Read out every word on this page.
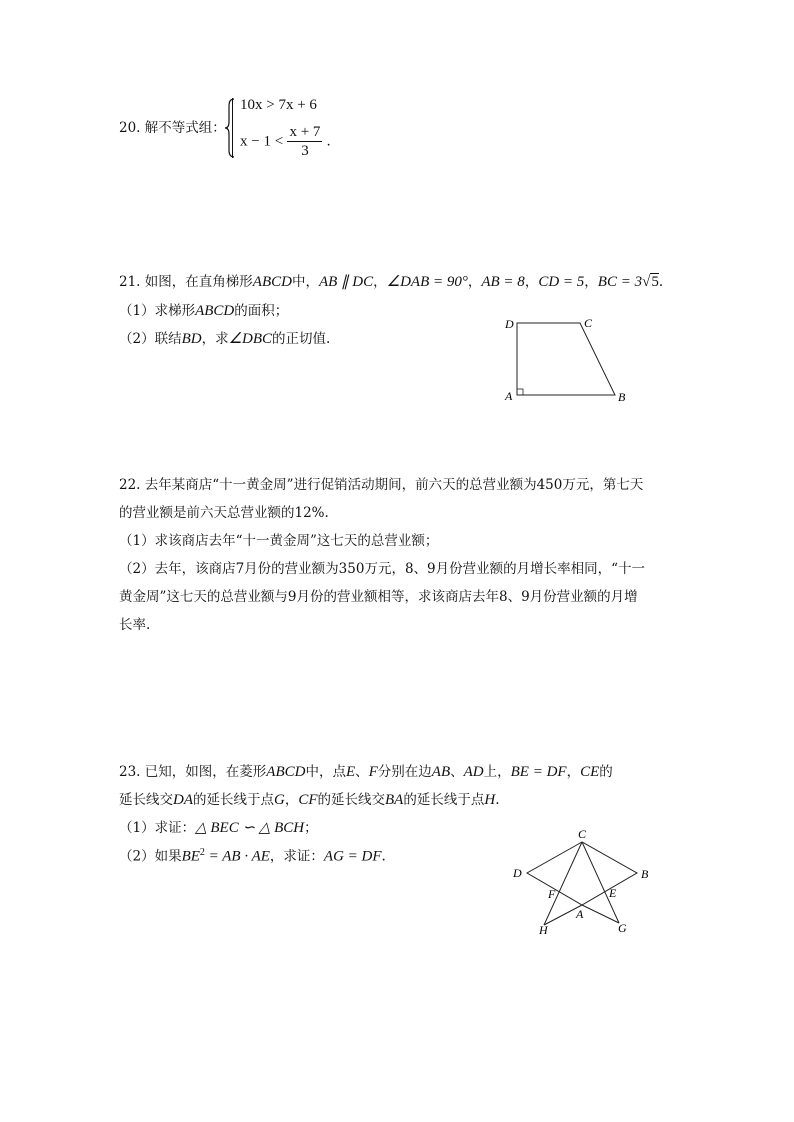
20. 解不等式组：
10x > 7x + 6
$x - 1 < \frac{x + 7}{3}$ .
21. 如图，在直角梯形ABCD中，AB ∥ DC，∠DAB = 90°，AB = 8，CD = 5，BC = 3√5.
（1）求梯形ABCD的面积；
（2）联结BD，求∠DBC的正切值.
D	C
A	B
22. 去年某商店“十一黄金周”进行促销活动期间，前六天的总营业额为450万元，第七天
的营业额是前六天总营业额的12%.
（1）求该商店去年“十一黄金周”这七天的总营业额；
（2）去年，该商店7月份的营业额为350万元，8、9月份营业额的月增长率相同，“十一
黄金周”这七天的总营业额与9月份的营业额相等，求该商店去年8、9月份营业额的月增
长率.
23. 已知，如图，在菱形ABCD中，点E、F分别在边AB、AD上，BE = DF，CE的
延长线交DA的延长线于点G，CF的延长线交BA的延长线于点H.
（1）求证：△ BEC ∽ △ BCH；
（2）如果$BE^2$ = AB · AE，求证：AG = DF.
C
D	B
F	E
A
H	G
